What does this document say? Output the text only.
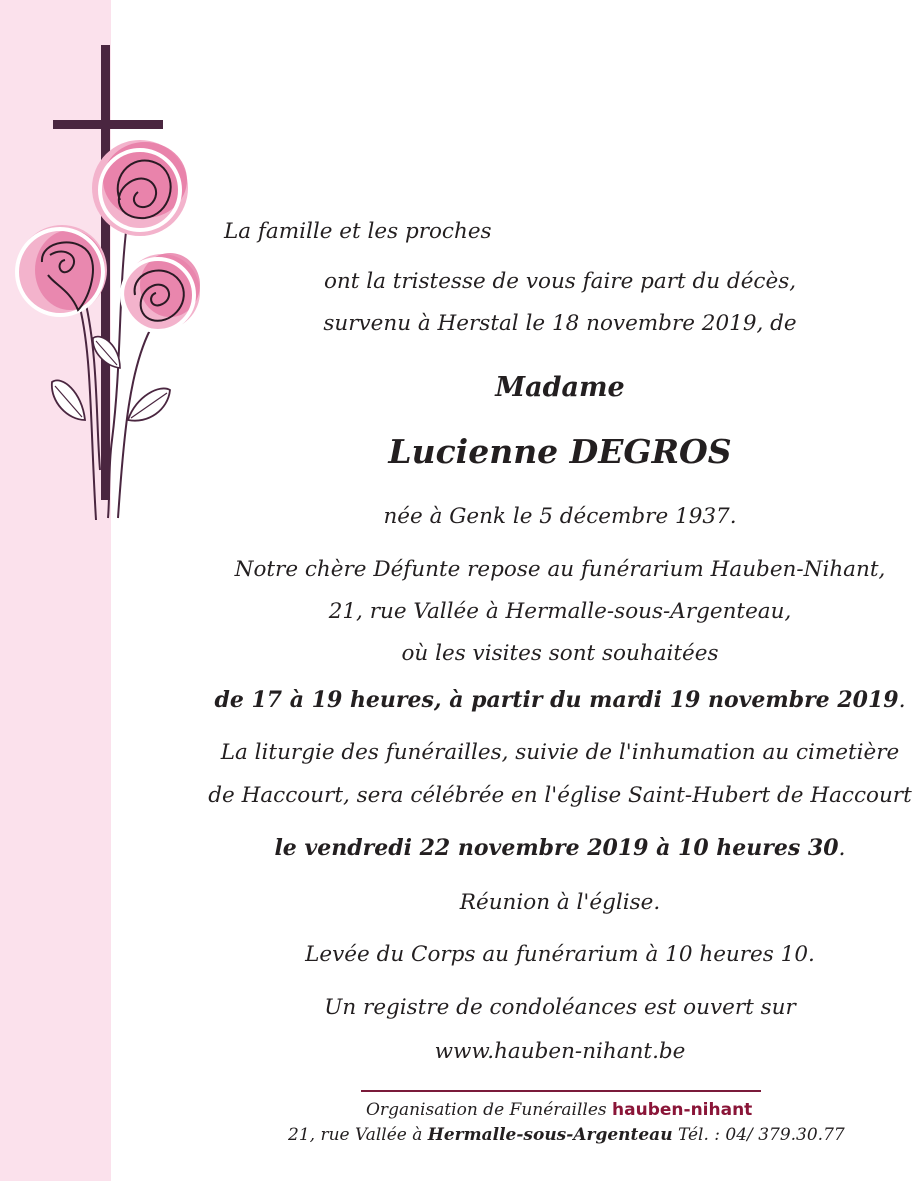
La famille et les proches
ont la tristesse de vous faire part du décès,
survenu à Herstal le 18 novembre 2019, de
Madame
Lucienne DEGROS
née à Genk le 5 décembre 1937.
Notre chère Défunte repose au funérarium Hauben-Nihant,
21, rue Vallée à Hermalle-sous-Argenteau,
où les visites sont souhaitées
de 17 à 19 heures, à partir du mardi 19 novembre 2019.
La liturgie des funérailles, suivie de l'inhumation au cimetière
de Haccourt, sera célébrée en l'église Saint-Hubert de Haccourt
le vendredi 22 novembre 2019 à 10 heures 30.
Réunion à l'église.
Levée du Corps au funérarium à 10 heures 10.
Un registre de condoléances est ouvert sur
www.hauben-nihant.be
Organisation de Funérailles hauben-nihant
21, rue Vallée à Hermalle-sous-Argenteau Tél. : 04/ 379.30.77
